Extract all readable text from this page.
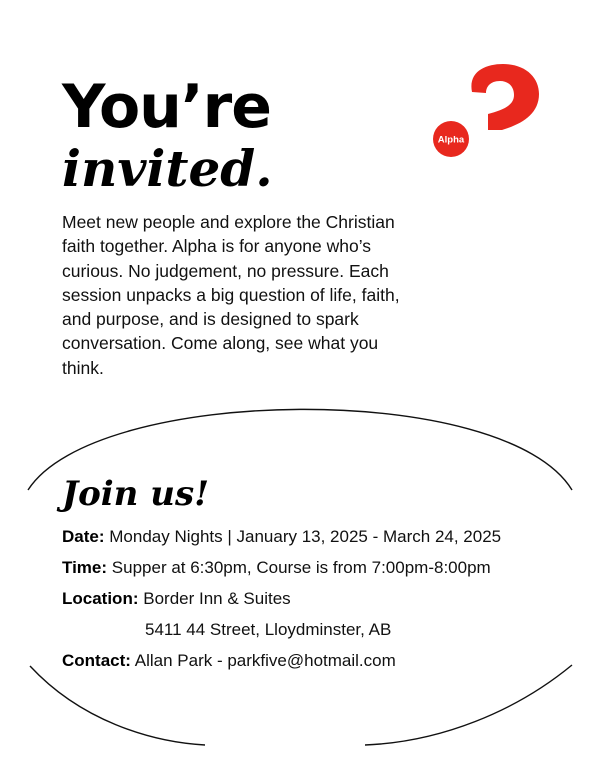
You’re
invited.	Alpha

Meet new people and explore the Christian faith together. Alpha is for anyone who’s curious. No judgement, no pressure. Each session unpacks a big question of life, faith, and purpose, and is designed to spark conversation. Come along, see what you think.

Join us!

Date: Monday Nights | January 13, 2025 - March 24, 2025

Time: Supper at 6:30pm, Course is from 7:00pm-8:00pm

Location: Border Inn & Suites

5411 44 Street, Lloydminster, AB

Contact: Allan Park - parkfive@hotmail.com
